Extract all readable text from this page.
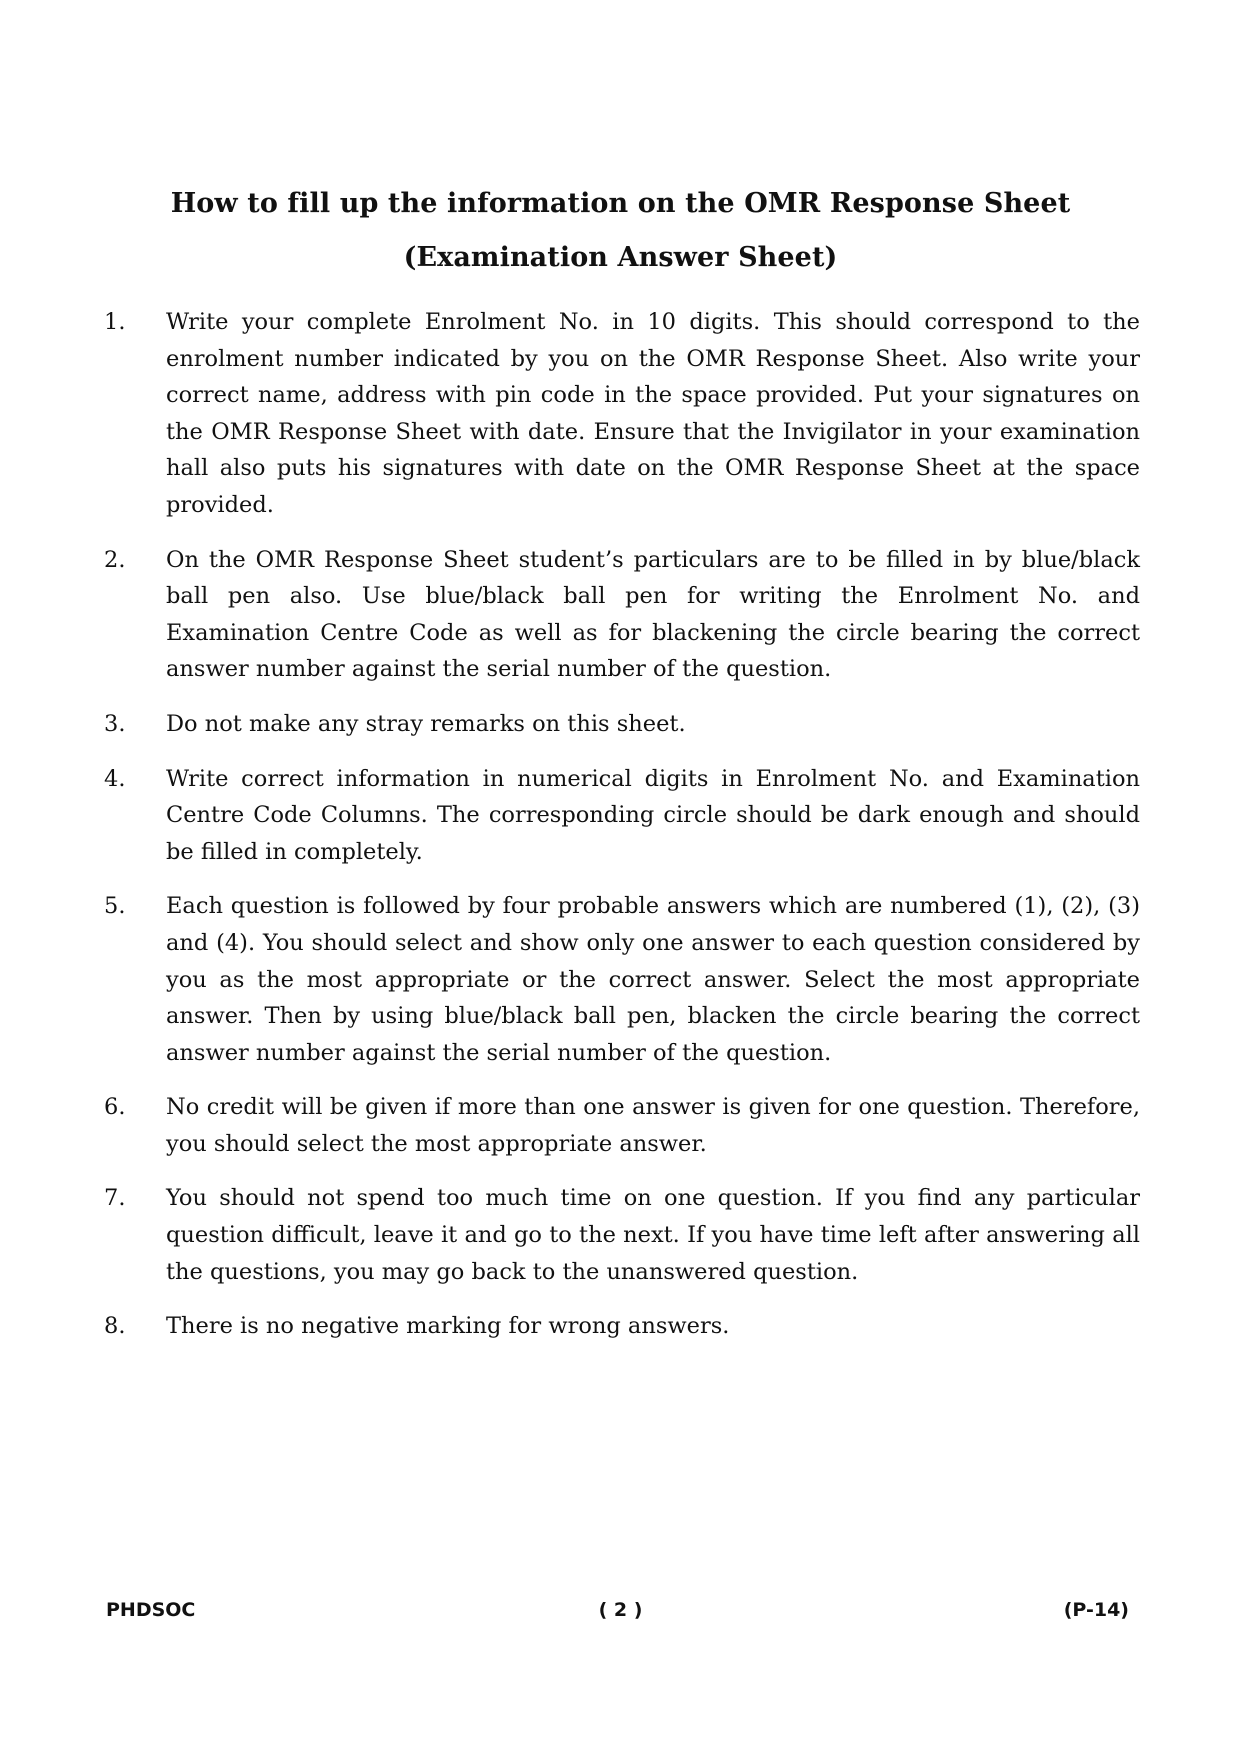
How to fill up the information on the OMR Response Sheet
(Examination Answer Sheet)
1.	Write your complete Enrolment No. in 10 digits. This should correspond to the enrolment number indicated by you on the OMR Response Sheet. Also write your correct name, address with pin code in the space provided. Put your signatures on the OMR Response Sheet with date. Ensure that the Invigilator in your examination hall also puts his signatures with date on the OMR Response Sheet at the space provided.
2.	On the OMR Response Sheet student’s particulars are to be filled in by blue/black ball pen also. Use blue/black ball pen for writing the Enrolment No. and Examination Centre Code as well as for blackening the circle bearing the correct answer number against the serial number of the question.
3.	Do not make any stray remarks on this sheet.
4.	Write correct information in numerical digits in Enrolment No. and Examination Centre Code Columns. The corresponding circle should be dark enough and should be filled in completely.
5.	Each question is followed by four probable answers which are numbered (1), (2), (3) and (4). You should select and show only one answer to each question considered by you as the most appropriate or the correct answer. Select the most appropriate answer. Then by using blue/black ball pen, blacken the circle bearing the correct answer number against the serial number of the question.
6.	No credit will be given if more than one answer is given for one question. Therefore, you should select the most appropriate answer.
7.	You should not spend too much time on one question. If you find any particular question difficult, leave it and go to the next. If you have time left after answering all the questions, you may go back to the unanswered question.
8.	There is no negative marking for wrong answers.
PHDSOC	( 2 )	(P-14)
